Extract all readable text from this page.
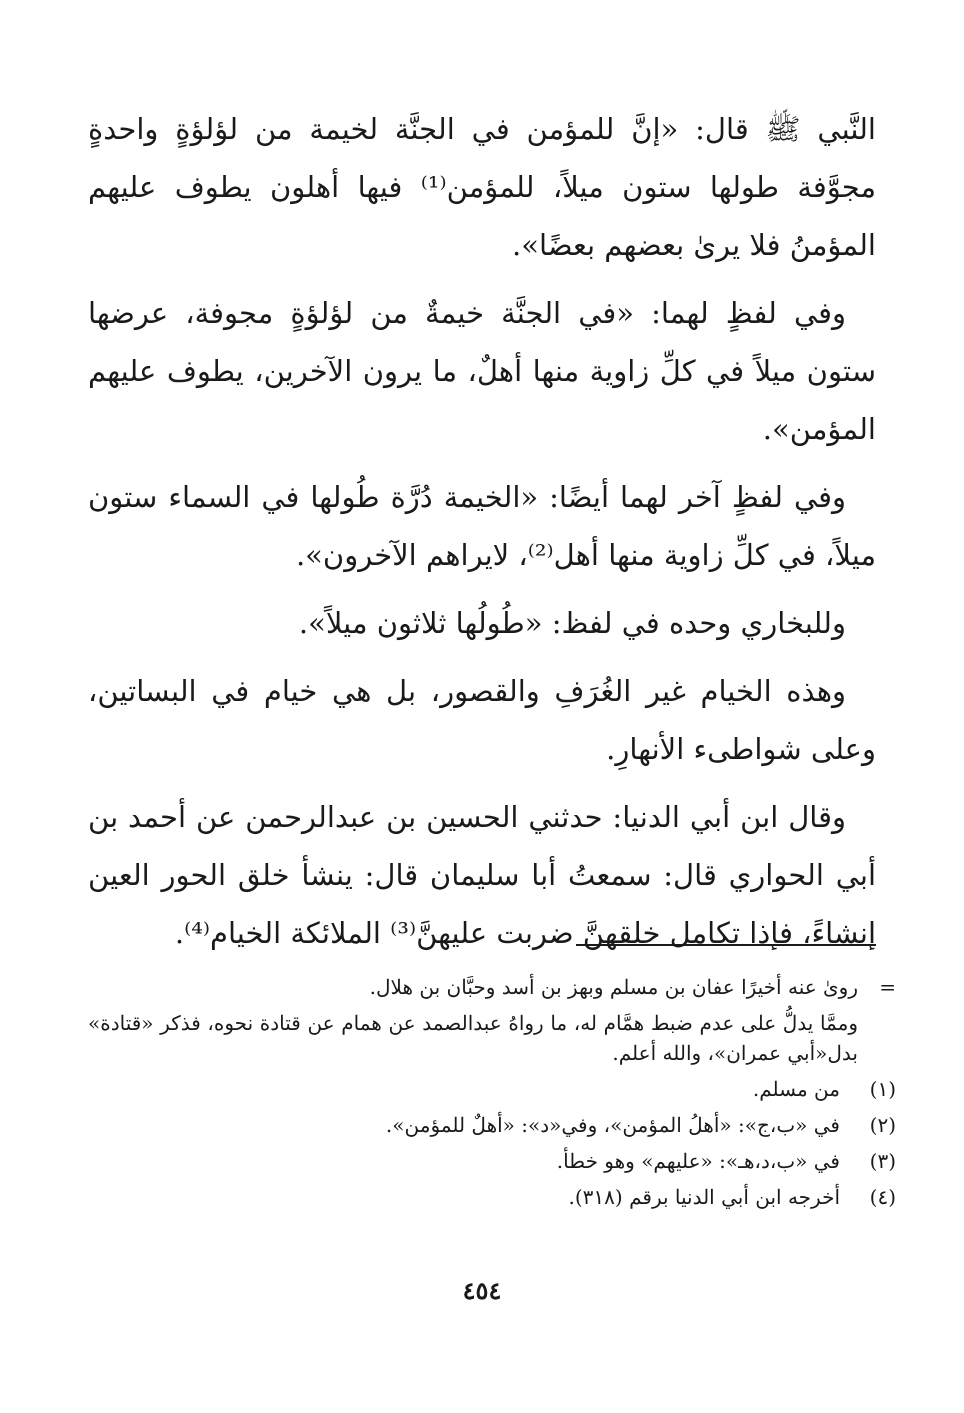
النَّبي ﷺ قال: «إنَّ للمؤمن في الجنَّة لخيمة من لؤلؤةٍ واحدةٍ مجوَّفة طولها ستون ميلاً، للمؤمن⁽¹⁾ فيها أهلون يطوف عليهم المؤمنُ فلا يرىٰ بعضهم بعضًا».

وفي لفظٍ لهما: «في الجنَّة خيمةٌ من لؤلؤةٍ مجوفة، عرضها ستون ميلاً في كلِّ زاوية منها أهلٌ، ما يرون الآخرين، يطوف عليهم المؤمن».

وفي لفظٍ آخر لهما أيضًا: «الخيمة دُرَّة طُولها في السماء ستون ميلاً، في كلِّ زاوية منها أهل⁽²⁾، لايراهم الآخرون».

وللبخاري وحده في لفظ: «طُولُها ثلاثون ميلاً».

وهذه الخيام غير الغُرَفِ والقصور، بل هي خيام في البساتين، وعلى شواطىء الأنهارِ.

وقال ابن أبي الدنيا: حدثني الحسين بن عبدالرحمن عن أحمد بن أبي الحواري قال: سمعتُ أبا سليمان قال: ينشأ خلق الحور العين إنشاءً، فإذا تكامل خلقهنَّ ضربت عليهنَّ⁽³⁾ الملائكة الخيام⁽⁴⁾.

=

روىٰ عنه أخيرًا عفان بن مسلم وبهز بن أسد وحبَّان بن هلال.

وممَّا يدلُّ على عدم ضبط همَّام له، ما رواهُ عبدالصمد عن همام عن قتادة نحوه، فذكر «قتادة» بدل«أبي عمران»، والله أعلم.

(١)
من مسلم.
(٢)
في «ب،ج»: «أهلُ المؤمن»، وفي«د»: «أهلٌ للمؤمن».
(٣)
في «ب،د،هـ»: «عليهم» وهو خطأ.
(٤)
أخرجه ابن أبي الدنيا برقم (٣١٨).
٤٥٤
